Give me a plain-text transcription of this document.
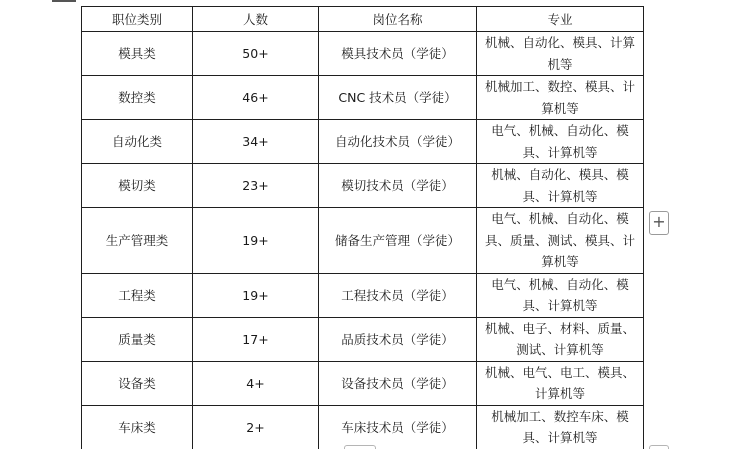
职位类别	人数	岗位名称	专业
模具类	50+	模具技术员（学徒）	机械、自动化、模具、计算机等
数控类	46+	CNC 技术员（学徒）	机械加工、数控、模具、计算机等
自动化类	34+	自动化技术员（学徒）	电气、机械、自动化、模具、计算机等
模切类	23+	模切技术员（学徒）	机械、自动化、模具、模具、计算机等
生产管理类	19+	储备生产管理（学徒）	电气、机械、自动化、模具、质量、测试、模具、计算机等
工程类	19+	工程技术员（学徒）	电气、机械、自动化、模具、计算机等
质量类	17+	品质技术员（学徒）	机械、电子、材料、质量、测试、计算机等
设备类	4+	设备技术员（学徒）	机械、电气、电工、模具、计算机等
车床类	2+	车床技术员（学徒）	机械加工、数控车床、模具、计算机等
+
